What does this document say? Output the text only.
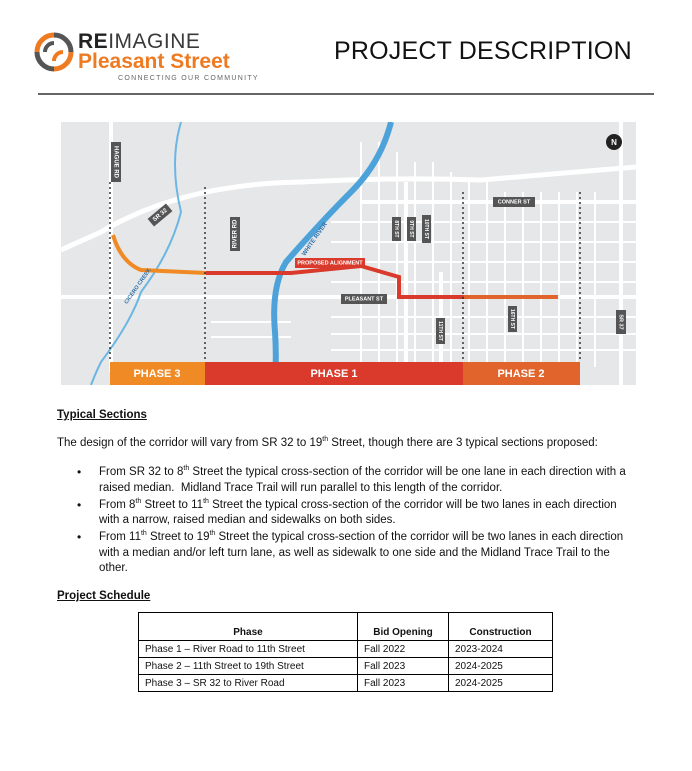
REIMAGINE
Pleasant Street
CONNECTING OUR COMMUNITY
PROJECT DESCRIPTION
HAGUE RD
SR 32
CICERO CREEK
RIVER RD	WHITE RIVER
PROPOSED ALIGNMENT
PLEASANT ST
CONNER ST
8TH ST 9TH ST 10TH ST
11TH ST
16TH ST	SR 37
N
PHASE 3	PHASE 1	PHASE 2
Typical Sections
The design of the corridor will vary from SR 32 to 19th Street, though there are 3 typical sections proposed:
• From SR 32 to 8th Street the typical cross-section of the corridor will be one lane in each direction with a
raised median.  Midland Trace Trail will run parallel to this length of the corridor.
• From 8th Street to 11th Street the typical cross-section of the corridor will be two lanes in each direction
with a narrow, raised median and sidewalks on both sides.
• From 11th Street to 19th Street the typical cross-section of the corridor will be two lanes in each direction
with a median and/or left turn lane, as well as sidewalk to one side and the Midland Trace Trail to the
other.
Project Schedule
Phase	Bid Opening	Construction
Phase 1 – River Road to 11th Street	Fall 2022	2023-2024
Phase 2 – 11th Street to 19th Street	Fall 2023	2024-2025
Phase 3 – SR 32 to River Road	Fall 2023	2024-2025
